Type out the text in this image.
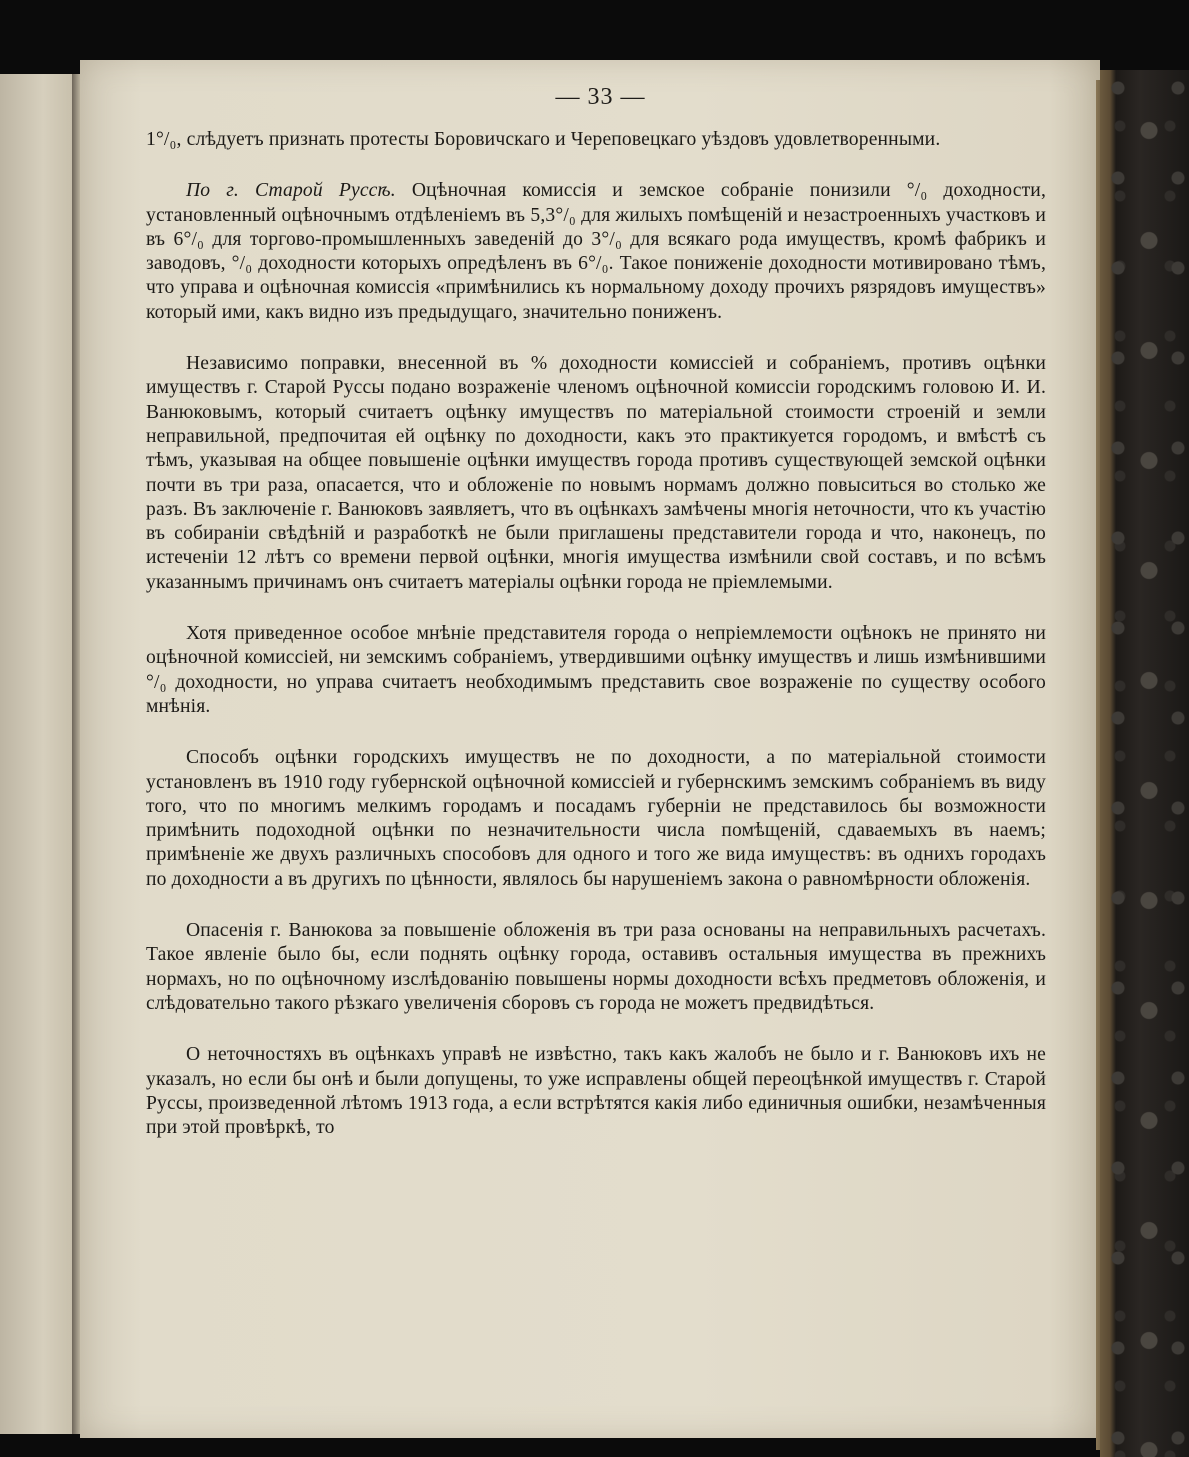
— 33 —

1°/₀, слѣдуетъ признать протесты Боровичскаго и Череповецкаго уѣздовъ удовлетворенными.

По г. Старой Руссѣ. Оцѣночная комиссія и земское собраніе понизили °/₀ доходности, установленный оцѣночнымъ отдѣленіемъ въ 5,3°/₀ для жилыхъ помѣщеній и незастроенныхъ участковъ и въ 6°/₀ для торгово-промышленныхъ заведеній до 3°/₀ для всякаго рода имуществъ, кромѣ фабрикъ и заводовъ, °/₀ доходности которыхъ опредѣленъ въ 6°/₀. Такое пониженіе доходности мотивировано тѣмъ, что управа и оцѣночная комиссія «примѣнились къ нормальному доходу прочихъ рязрядовъ имуществъ» который ими, какъ видно изъ предыдущаго, значительно пониженъ.

Независимо поправки, внесенной въ % доходности комиссіей и собраніемъ, противъ оцѣнки имуществъ г. Старой Руссы подано возраженіе членомъ оцѣночной комиссіи городскимъ головою И. И. Ванюковымъ, который считаетъ оцѣнку имуществъ по матеріальной стоимости строеній и земли неправильной, предпочитая ей оцѣнку по доходности, какъ это практикуется городомъ, и вмѣстѣ съ тѣмъ, указывая на общее повышеніе оцѣнки имуществъ города противъ существующей земской оцѣнки почти въ три раза, опасается, что и обложеніе по новымъ нормамъ должно повыситься во столько же разъ. Въ заключеніе г. Ванюковъ заявляетъ, что въ оцѣнкахъ замѣчены многія неточности, что къ участію въ собираніи свѣдѣній и разработкѣ не были приглашены представители города и что, наконецъ, по истеченіи 12 лѣтъ со времени первой оцѣнки, многія имущества измѣнили свой составъ, и по всѣмъ указаннымъ причинамъ онъ считаетъ матеріалы оцѣнки города не пріемлемыми.

Хотя приведенное особое мнѣніе представителя города о непріемлемости оцѣнокъ не принято ни оцѣночной комиссіей, ни земскимъ собраніемъ, утвердившими оцѣнку имуществъ и лишь измѣнившими °/₀ доходности, но управа считаетъ необходимымъ представить свое возраженіе по существу особого мнѣнія.

Способъ оцѣнки городскихъ имуществъ не по доходности, а по матеріальной стоимости установленъ въ 1910 году губернской оцѣночной комиссіей и губернскимъ земскимъ собраніемъ въ виду того, что по многимъ мелкимъ городамъ и посадамъ губерніи не представилось бы возможности примѣнить подоходной оцѣнки по незначительности числа помѣщеній, сдаваемыхъ въ наемъ; примѣненіе же двухъ различныхъ способовъ для одного и того же вида имуществъ: въ однихъ городахъ по доходности а въ другихъ по цѣнности, являлось бы нарушеніемъ закона о равномѣрности обложенія.

Опасенія г. Ванюкова за повышеніе обложенія въ три раза основаны на неправильныхъ расчетахъ. Такое явленіе было бы, если поднять оцѣнку города, оставивъ остальныя имущества въ прежнихъ нормахъ, но по оцѣночному изслѣдованію повышены нормы доходности всѣхъ предметовъ обложенія, и слѣдовательно такого рѣзкаго увеличенія сборовъ съ города не можетъ предвидѣться.

О неточностяхъ въ оцѣнкахъ управѣ не извѣстно, такъ какъ жалобъ не было и г. Ванюковъ ихъ не указалъ, но если бы онѣ и были допущены, то уже исправлены общей переоцѣнкой имуществъ г. Старой Руссы, произведенной лѣтомъ 1913 года, а если встрѣтятся какія либо единичныя ошибки, незамѣченныя при этой провѣркѣ, то
